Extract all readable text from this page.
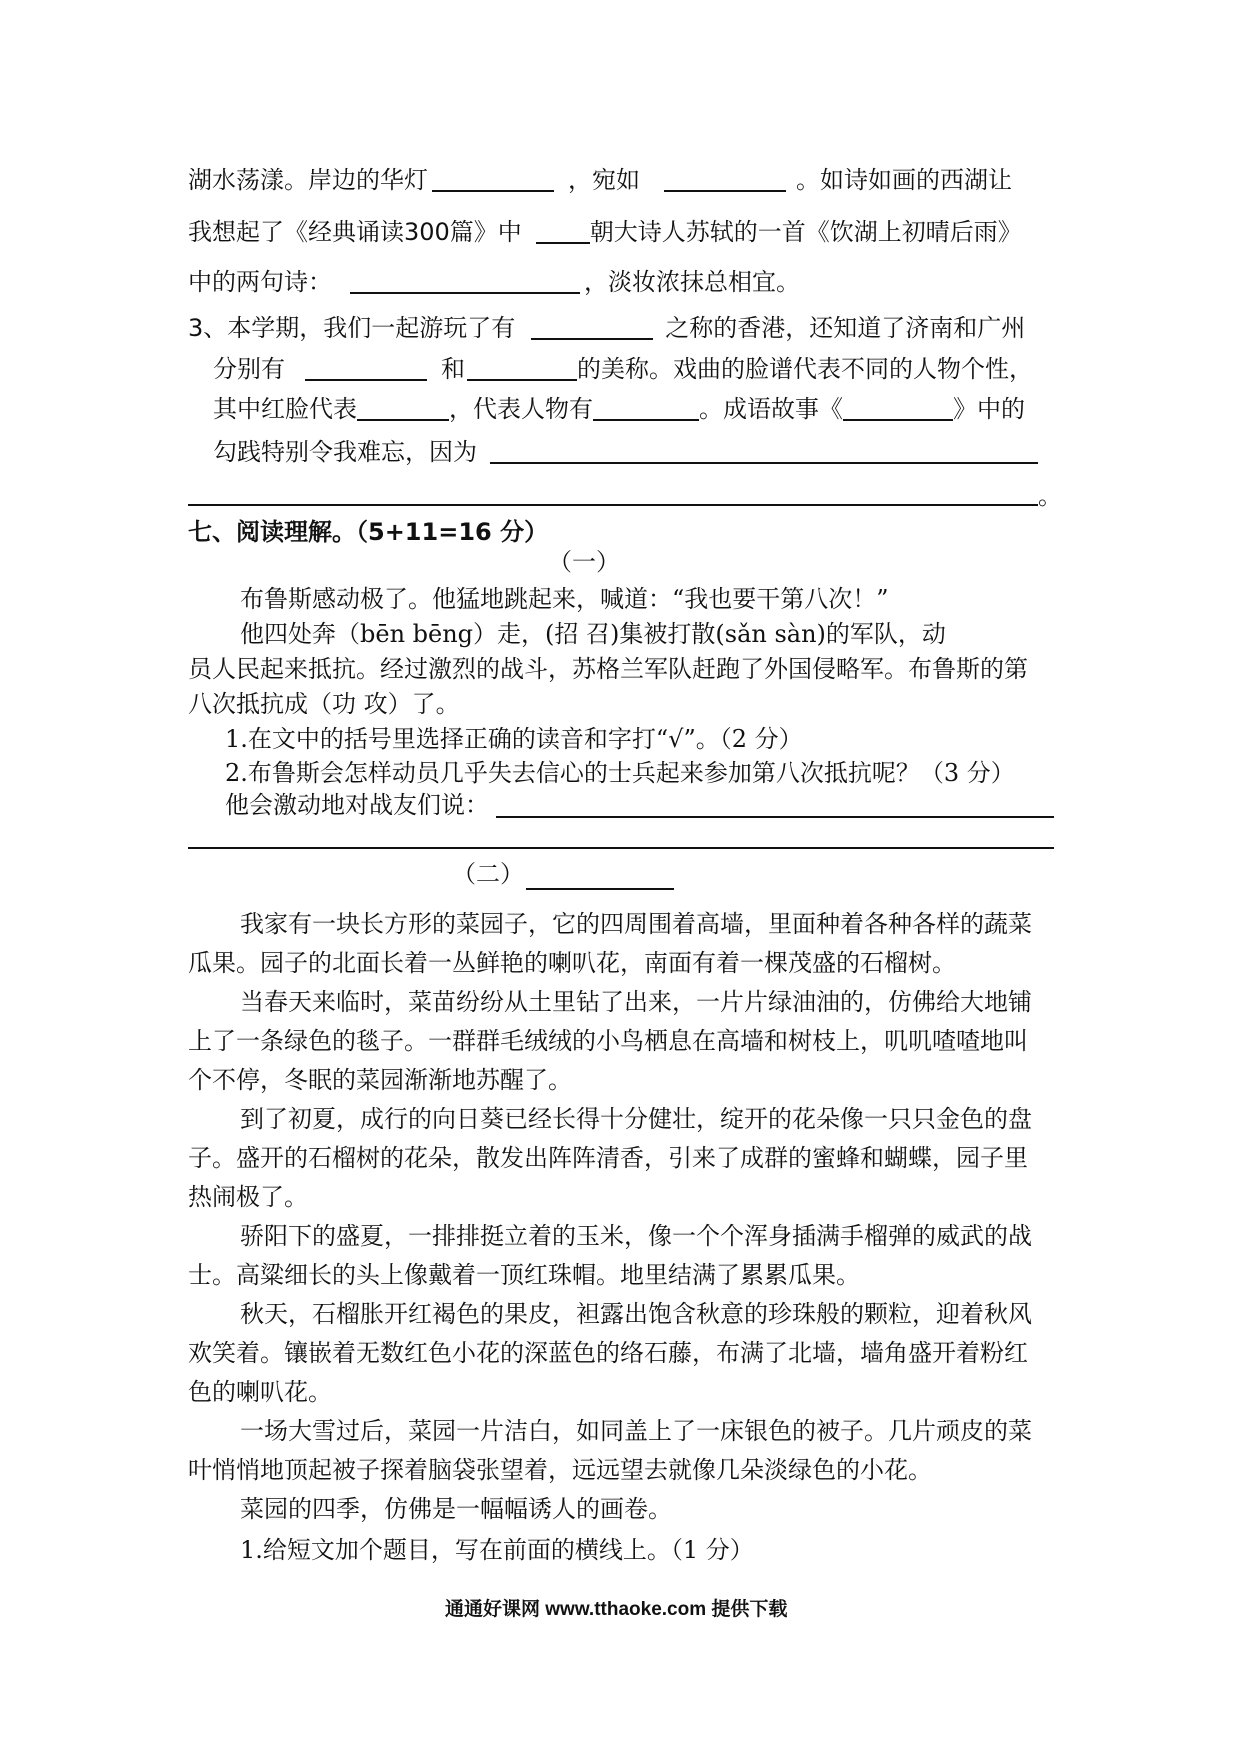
湖水荡漾。岸边的华灯	，宛如	。如诗如画的西湖让
我想起了《经典诵读300篇》中	朝大诗人苏轼的一首《饮湖上初晴后雨》
中的两句诗：	，淡妆浓抹总相宜。
3、本学期，我们一起游玩了有	之称的香港，还知道了济南和广州
分别有	和	的美称。戏曲的脸谱代表不同的人物个性，
其中红脸代表	，代表人物有	。成语故事《	》中的
勾践特别令我难忘，因为
。
七、阅读理解。（5+11=16 分）
（一）
布鲁斯感动极了。他猛地跳起来，喊道：“我也要干第八次！”
他四处奔（bēn bēng）走，(招 召)集被打散(sǎn sàn)的军队，动
员人民起来抵抗。经过激烈的战斗，苏格兰军队赶跑了外国侵略军。布鲁斯的第
八次抵抗成（功 攻）了。
1.在文中的括号里选择正确的读音和字打“√”。（2 分）
2.布鲁斯会怎样动员几乎失去信心的士兵起来参加第八次抵抗呢？（3 分）
他会激动地对战友们说：
（二）
我家有一块长方形的菜园子，它的四周围着高墙，里面种着各种各样的蔬菜
瓜果。园子的北面长着一丛鲜艳的喇叭花，南面有着一棵茂盛的石榴树。
当春天来临时，菜苗纷纷从土里钻了出来，一片片绿油油的，仿佛给大地铺
上了一条绿色的毯子。一群群毛绒绒的小鸟栖息在高墙和树枝上，叽叽喳喳地叫
个不停，冬眠的菜园渐渐地苏醒了。
到了初夏，成行的向日葵已经长得十分健壮，绽开的花朵像一只只金色的盘
子。盛开的石榴树的花朵，散发出阵阵清香，引来了成群的蜜蜂和蝴蝶，园子里
热闹极了。
骄阳下的盛夏，一排排挺立着的玉米，像一个个浑身插满手榴弹的威武的战
士。高粱细长的头上像戴着一顶红珠帽。地里结满了累累瓜果。
秋天，石榴胀开红褐色的果皮，袒露出饱含秋意的珍珠般的颗粒，迎着秋风
欢笑着。镶嵌着无数红色小花的深蓝色的络石藤，布满了北墙，墙角盛开着粉红
色的喇叭花。
一场大雪过后，菜园一片洁白，如同盖上了一床银色的被子。几片顽皮的菜
叶悄悄地顶起被子探着脑袋张望着，远远望去就像几朵淡绿色的小花。
菜园的四季，仿佛是一幅幅诱人的画卷。
1.给短文加个题目，写在前面的横线上。（1 分）
通通好课网 www.tthaoke.com 提供下载
